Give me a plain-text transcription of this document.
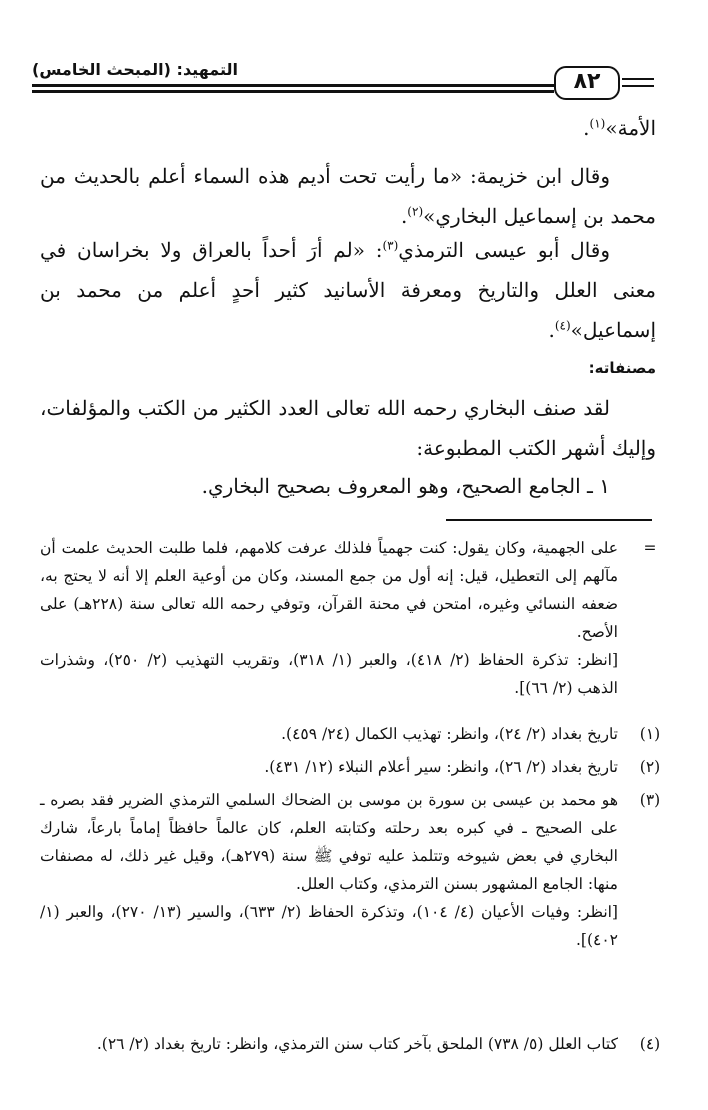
التمهيد: (المبحث الخامس)	٨٢

الأمة»$^{(١)}$.

وقال ابن خزيمة: «ما رأيت تحت أديم هذه السماء أعلم بالحديث من محمد بن إسماعيل البخاري»$^{(٢)}$.

وقال أبو عيسى الترمذي$^{(٣)}$: «لم أرَ أحداً بالعراق ولا بخراسان في معنى العلل والتاريخ ومعرفة الأسانيد كثير أحدٍ أعلم من محمد بن إسماعيل»$^{(٤)}$.

مصنفاته:

لقد صنف البخاري رحمه الله تعالى العدد الكثير من الكتب والمؤلفات، وإليك أشهر الكتب المطبوعة:

١ ـ الجامع الصحيح، وهو المعروف بصحيح البخاري.

=
على الجهمية، وكان يقول: كنت جهمياً فلذلك عرفت كلامهم، فلما طلبت الحديث علمت أن مآلهم إلى التعطيل، قيل: إنه أول من جمع المسند، وكان من أوعية العلم إلا أنه لا يحتج به، ضعفه النسائي وغيره، امتحن في محنة القرآن، وتوفي رحمه الله تعالى سنة (٢٢٨هـ) على الأصح.
[انظر: تذكرة الحفاظ (٢/ ٤١٨)، والعبر (١/ ٣١٨)، وتقريب التهذيب (٢/ ٢٥٠)، وشذرات الذهب (٢/ ٦٦)].
(١)
تاريخ بغداد (٢/ ٢٤)، وانظر: تهذيب الكمال (٢٤/ ٤٥٩).
(٢)
تاريخ بغداد (٢/ ٢٦)، وانظر: سير أعلام النبلاء (١٢/ ٤٣١).
(٣)
هو محمد بن عيسى بن سورة بن موسى بن الضحاك السلمي الترمذي الضرير فقد بصره ـ على الصحيح ـ في كبره بعد رحلته وكتابته العلم، كان عالماً حافظاً إماماً بارعاً، شارك البخاري في بعض شيوخه وتتلمذ عليه توفي ﷺ سنة (٢٧٩هـ)، وقيل غير ذلك، له مصنفات منها: الجامع المشهور بسنن الترمذي، وكتاب العلل.
[انظر: وفيات الأعيان (٤/ ١٠٤)، وتذكرة الحفاظ (٢/ ٦٣٣)، والسير (١٣/ ٢٧٠)، والعبر (١/ ٤٠٢)].
(٤)
كتاب العلل (٥/ ٧٣٨) الملحق بآخر كتاب سنن الترمذي، وانظر: تاريخ بغداد (٢/ ٢٦).
